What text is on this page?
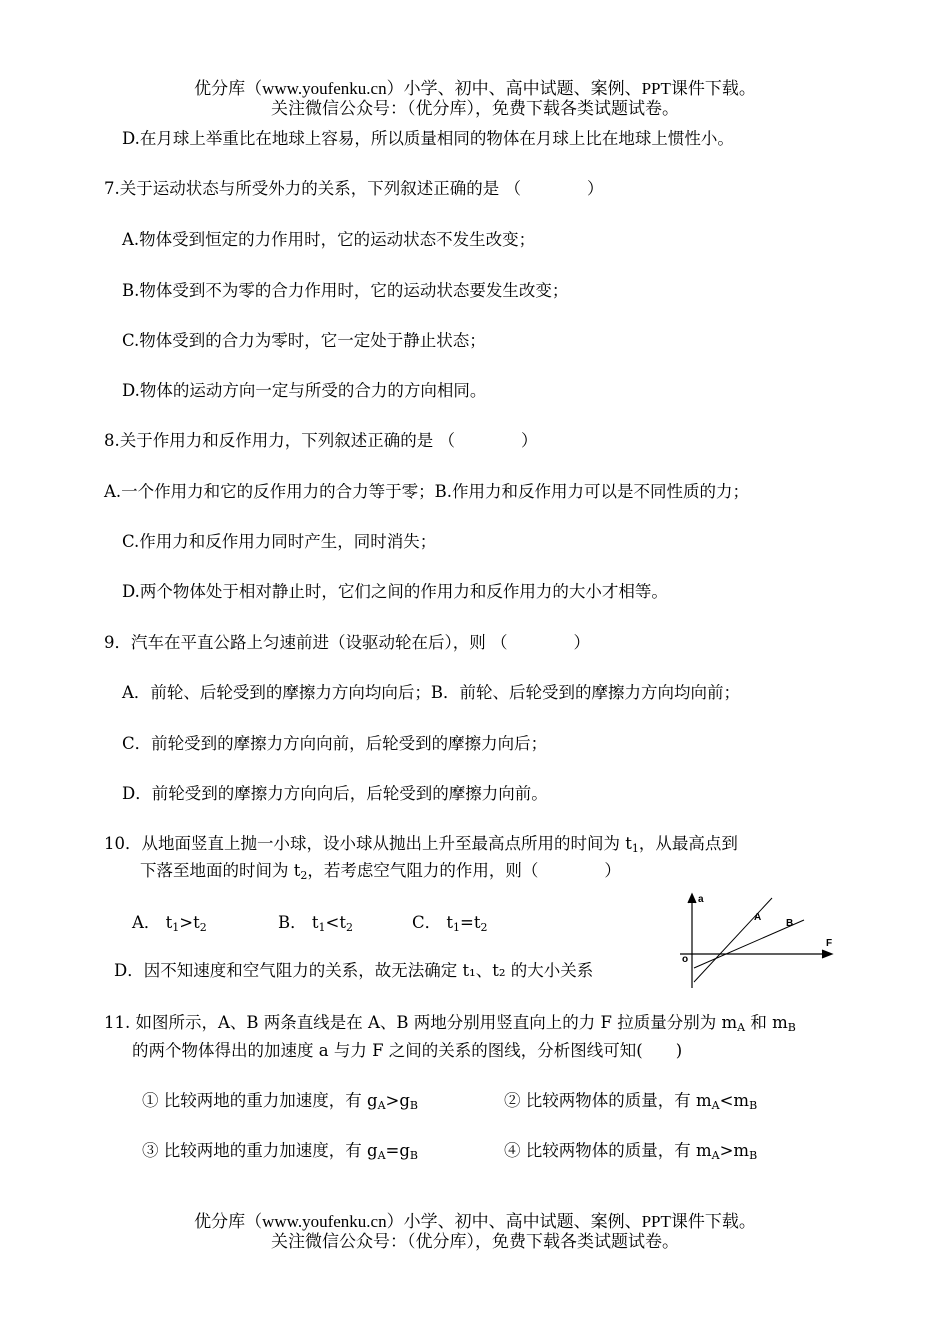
优分库（www.youfenku.cn）小学、初中、高中试题、案例、PPT课件下载。
关注微信公众号：（优分库），免费下载各类试题试卷。
D.在月球上举重比在地球上容易，所以质量相同的物体在月球上比在地球上惯性小。
7.关于运动状态与所受外力的关系，下列叙述正确的是 （　　　　）
A.物体受到恒定的力作用时，它的运动状态不发生改变；
B.物体受到不为零的合力作用时，它的运动状态要发生改变；
C.物体受到的合力为零时，它一定处于静止状态；
D.物体的运动方向一定与所受的合力的方向相同。
8.关于作用力和反作用力，下列叙述正确的是 （　　　　）
A.一个作用力和它的反作用力的合力等于零；B.作用力和反作用力可以是不同性质的力；
C.作用力和反作用力同时产生，同时消失；
D.两个物体处于相对静止时，它们之间的作用力和反作用力的大小才相等。
9．汽车在平直公路上匀速前进（设驱动轮在后），则 （　　　　）
A．前轮、后轮受到的摩擦力方向均向后；B．前轮、后轮受到的摩擦力方向均向前；
C．前轮受到的摩擦力方向向前，后轮受到的摩擦力向后；
D．前轮受到的摩擦力方向向后，后轮受到的摩擦力向前。
10．从地面竖直上抛一小球，设小球从抛出上升至最高点所用的时间为 $t_1$，从最高点到
下落至地面的时间为 $t_2$，若考虑空气阻力的作用，则（　　　　）
A． $t_1>t_2$	B． $t_1<t_2$	C． $t_1=t_2$
D．因不知速度和空气阻力的关系，故无法确定 t₁、t₂ 的大小关系
a
F
o
A
B
11. 如图所示，A、B 两条直线是在 A、B 两地分别用竖直向上的力 F 拉质量分别为 $m_A$ 和 $m_B$
的两个物体得出的加速度 a 与力 F 之间的关系的图线，分析图线可知(　　)
① 比较两地的重力加速度，有 $g_A>g_B$	② 比较两物体的质量，有 $m_A<m_B$
③ 比较两地的重力加速度，有 $g_A=g_B$	④ 比较两物体的质量，有 $m_A>m_B$
优分库（www.youfenku.cn）小学、初中、高中试题、案例、PPT课件下载。
关注微信公众号：（优分库），免费下载各类试题试卷。
